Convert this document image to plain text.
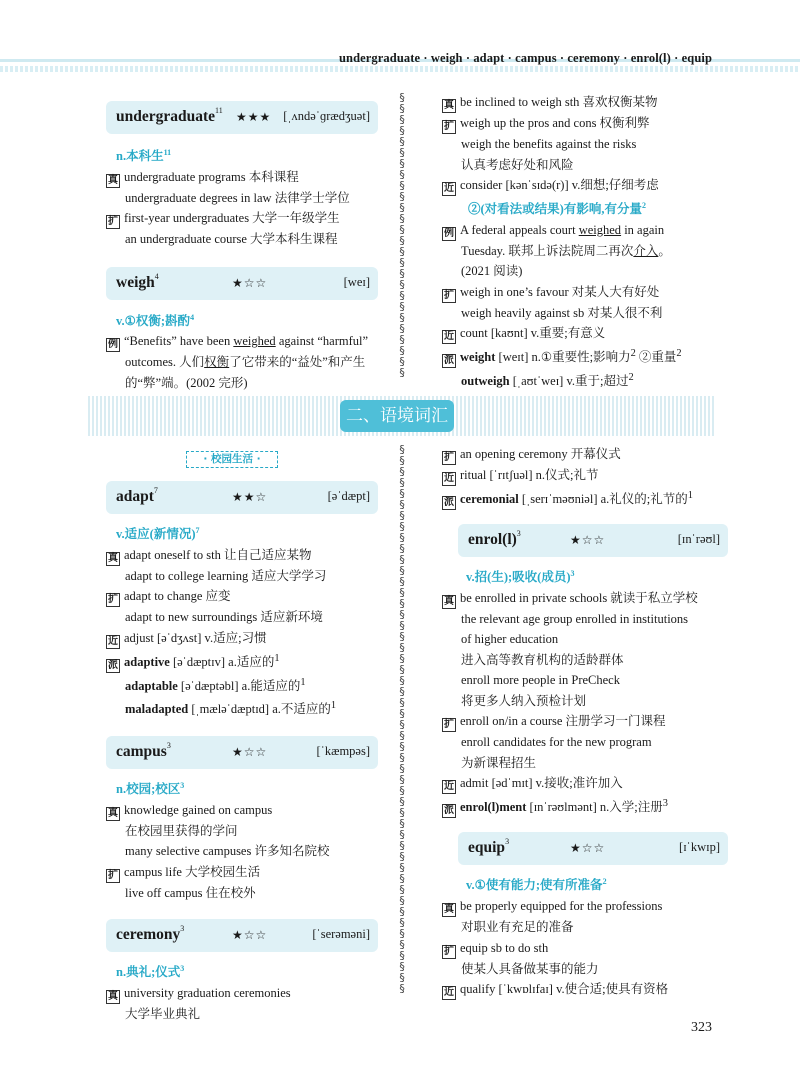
undergraduate · weigh · adapt · campus · ceremony · enrol(l) · equip
§
§
§
§
§
§
§
§
§
§
§
§
§
§
§
§
§
§
§
§
§
§
§
§
§
§

§
§
§
§
§
§
§
§
§
§
§
§
§
§
§
§
§
§
§
§
§
§
§
§
§
§
§
§
§
§
§
§
§
§
§
§
§
§
§
§
§
§
§
§
§
§
§
§
§
§

undergraduate$^{11}$ ★★★ [ˌʌndəˈɡrædʒuət]
n.本科生$^{11}$
真 undergraduate programs 本科课程
undergraduate degrees in law 法律学士学位
扩 first-year undergraduates 大学一年级学生
an undergraduate course 大学本科生课程
weigh$^4$	★☆☆	[weɪ]
v.①权衡;斟酌$^4$
例 “Benefits” have been weighed against “harmful”
outcomes. 人们权衡了它带来的“益处”和产生
的“弊”端。(2002 完形)
真 be inclined to weigh sth 喜欢权衡某物
扩 weigh up the pros and cons 权衡利弊
weigh the benefits against the risks
认真考虑好处和风险
近 consider [kənˈsɪdə(r)] v.细想;仔细考虑
②(对看法或结果)有影响,有分量$^2$
例 A federal appeals court weighed in again
Tuesday. 联邦上诉法院周二再次介入。
(2021 阅读)
扩 weigh in one’s favour 对某人大有好处
weigh heavily against sb 对某人很不利
近 count [kaʊnt] v.重要;有意义
派 weight [weɪt] n.①重要性;影响力$^2$ ②重量$^2$
outweigh [ˌaʊtˈweɪ] v.重于;超过$^2$
二、语境词汇
· 校园生活 ·
adapt$^7$	★★☆	[əˈdæpt]
v.适应(新情况)$^7$
真 adapt oneself to sth 让自己适应某物
adapt to college learning 适应大学学习
扩 adapt to change 应变
adapt to new surroundings 适应新环境
近 adjust [əˈdʒʌst] v.适应;习惯
派 adaptive [əˈdæptɪv] a.适应的$^1$
adaptable [əˈdæptəbl] a.能适应的$^1$
maladapted [ˌmæləˈdæptɪd] a.不适应的$^1$
campus$^3$	★☆☆	[ˈkæmpəs]
n.校园;校区$^3$
真 knowledge gained on campus
在校园里获得的学问
many selective campuses 许多知名院校
扩 campus life 大学校园生活
live off campus 住在校外
ceremony$^3$	★☆☆	[ˈserəməni]
n.典礼;仪式$^3$
真 university graduation ceremonies
大学毕业典礼
扩 an opening ceremony 开幕仪式
近 ritual [ˈrɪtʃuəl] n.仪式;礼节
派 ceremonial [ˌserɪˈməʊniəl] a.礼仪的;礼节的$^1$
$enrol(l)^3$	★☆☆	[ɪnˈrəʊl]
v.招(生);吸收(成员)$^3$
真 be enrolled in private schools 就读于私立学校
the relevant age group enrolled in institutions
of higher education
进入高等教育机构的适龄群体
enroll more people in PreCheck
将更多人纳入预检计划
扩 enroll on/in a course 注册学习一门课程
enroll candidates for the new program
为新课程招生
近 admit [ədˈmɪt] v.接收;准许加入
派 enrol(l)ment [ɪnˈrəʊlmənt] n.入学;注册$^3$
equip$^3$	★☆☆	[ɪˈkwɪp]
v.①使有能力;使有所准备$^2$
真 be properly equipped for the professions
对职业有充足的准备
扩 equip sb to do sth
使某人具备做某事的能力
近 qualify [ˈkwɒlɪfaɪ] v.使合适;使具有资格
323
